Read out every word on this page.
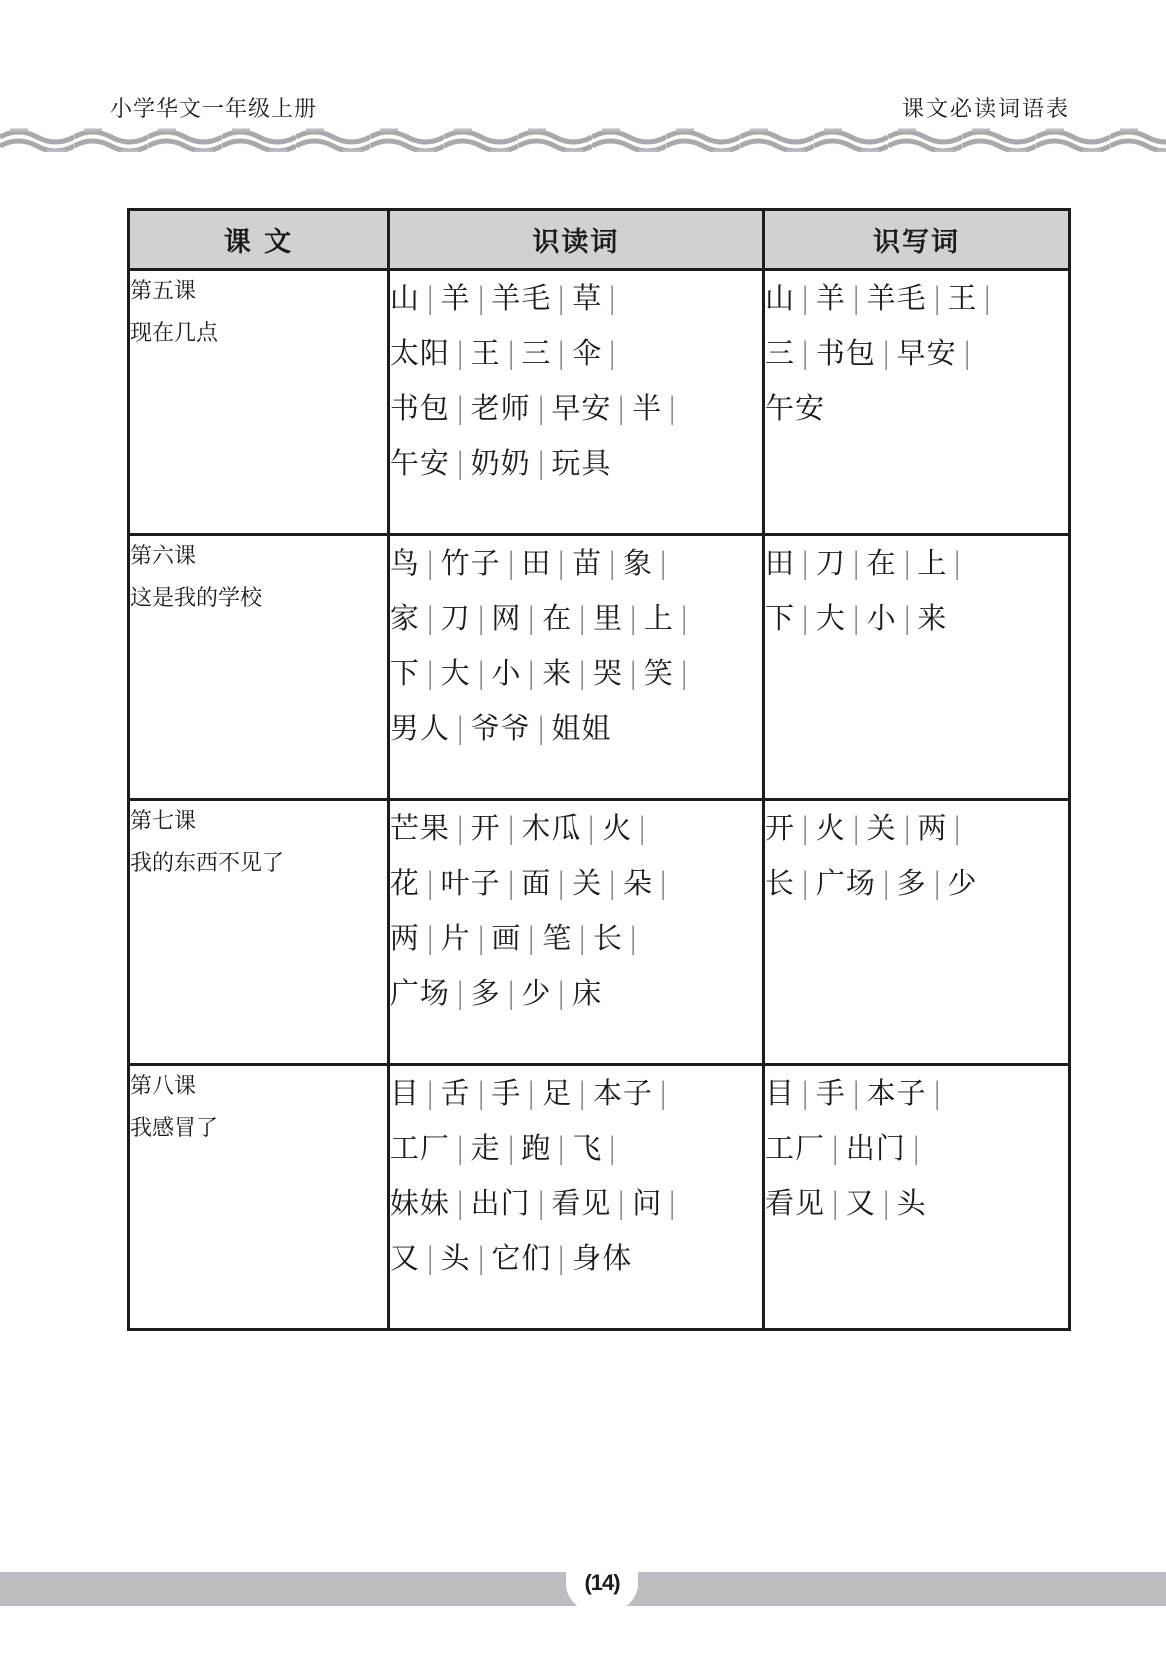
小学华文一年级上册	课文必读词语表
课 文	识读词	识写词

第五课
现在几点

山 | 羊 | 羊毛 | 草 |
太阳 | 王 | 三 | 伞 |
书包 | 老师 | 早安 | 半 |
午安 | 奶奶 | 玩具

山 | 羊 | 羊毛 | 王 |
三 | 书包 | 早安 |
午安

第六课
这是我的学校

鸟 | 竹子 | 田 | 苗 | 象 |
家 | 刀 | 网 | 在 | 里 | 上 |
下 | 大 | 小 | 来 | 哭 | 笑 |
男人 | 爷爷 | 姐姐

田 | 刀 | 在 | 上 |
下 | 大 | 小 | 来

第七课
我的东西不见了

芒果 | 开 | 木瓜 | 火 |
花 | 叶子 | 面 | 关 | 朵 |
两 | 片 | 画 | 笔 | 长 |
广场 | 多 | 少 | 床

开 | 火 | 关 | 两 |
长 | 广场 | 多 | 少

第八课
我感冒了

目 | 舌 | 手 | 足 | 本子 |
工厂 | 走 | 跑 | 飞 |
妹妹 | 出门 | 看见 | 问 |
又 | 头 | 它们 | 身体

目 | 手 | 本子 |
工厂 | 出门 |
看见 | 又 | 头
(14)
